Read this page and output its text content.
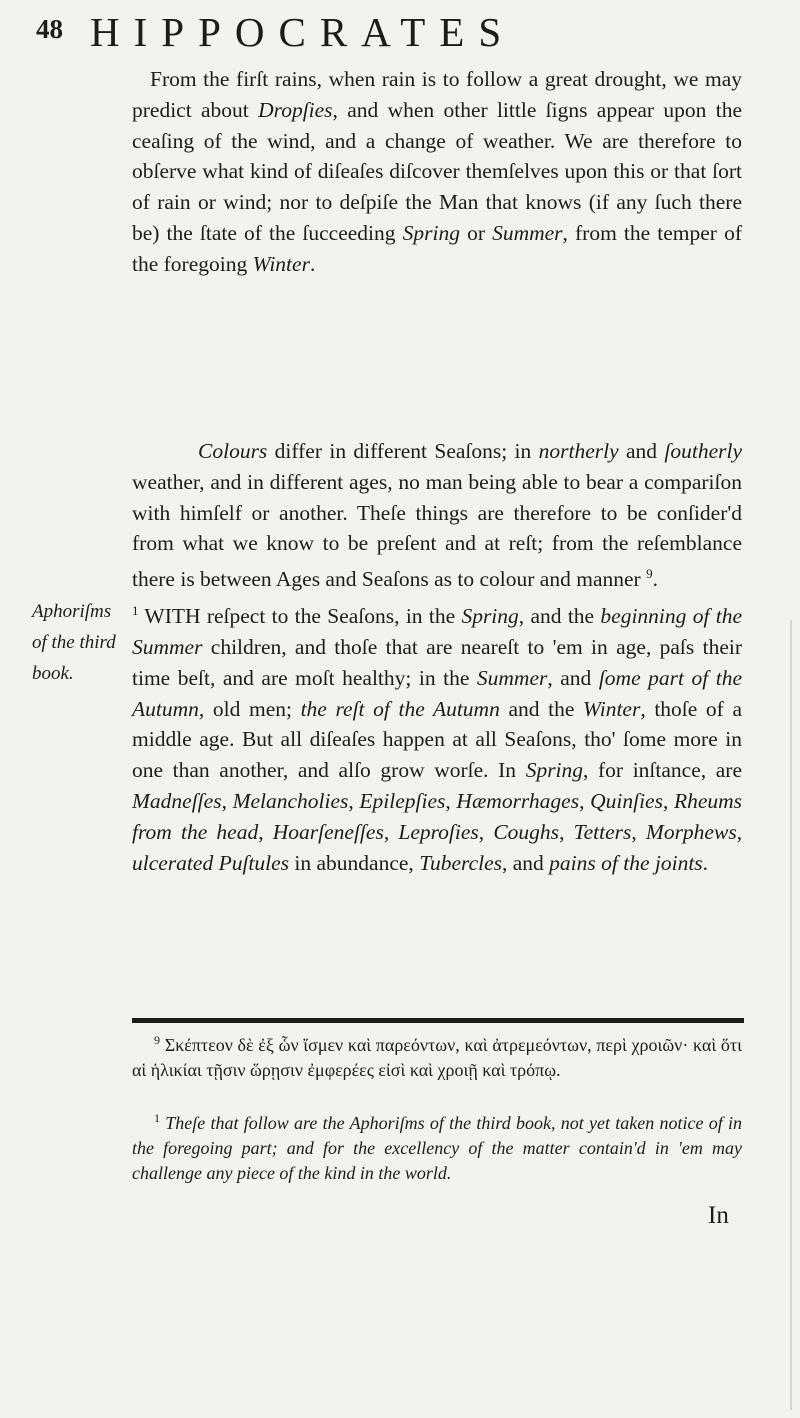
48 HIPPOCRATES

From the firſt rains, when rain is to follow a great drought, we may predict about Dropſies, and when other little ſigns appear upon the ceaſing of the wind, and a change of weather. We are therefore to obſerve what kind of diſeaſes diſcover themſelves upon this or that ſort of rain or wind; nor to deſpiſe the Man that knows (if any ſuch there be) the ſtate of the ſucceeding Spring or Summer, from the temper of the foregoing Winter.

Colours differ in different Seaſons; in northerly and ſoutherly weather, and in different ages, no man being able to bear a compariſon with himſelf or another. Theſe things are therefore to be conſider'd from what we know to be preſent and at reſt; from the reſemblance there is between Ages and Seaſons as to colour and manner $^9$.

Aphoriſms
of the third
book.

$^1$ WITH reſpect to the Seaſons, in the Spring, and the beginning of the Summer children, and thoſe that are neareſt to 'em in age, paſs their time beſt, and are moſt healthy; in the Summer, and ſome part of the Autumn, old men; the reſt of the Autumn and the Winter, thoſe of a middle age. But all diſeaſes happen at all Seaſons, tho' ſome more in one than another, and alſo grow worſe. In Spring, for inſtance, are Madneſſes, Melancholies, Epilepſies, Hæmorrhages, Quinſies, Rheums from the head, Hoarſeneſſes, Leproſies, Coughs, Tetters, Morphews, ulcerated Puſtules in abundance, Tubercles, and pains of the joints.

$^9$ Σκέπτεον δὲ ἐξ ὧν ἴσμεν καὶ παρεόντων, καὶ ἀτρεμεόντων, περὶ χροιῶν· καὶ ὅτι αἱ ἡλικίαι τῇσιν ὥρῃσιν ἐμφερέες εἰσὶ καὶ χροιῇ καὶ τρόπῳ.

$^1$ Theſe that follow are the Aphoriſms of the third book, not yet taken notice of in the foregoing part; and for the excellency of the matter contain'd in 'em may challenge any piece of the kind in the world.

In
